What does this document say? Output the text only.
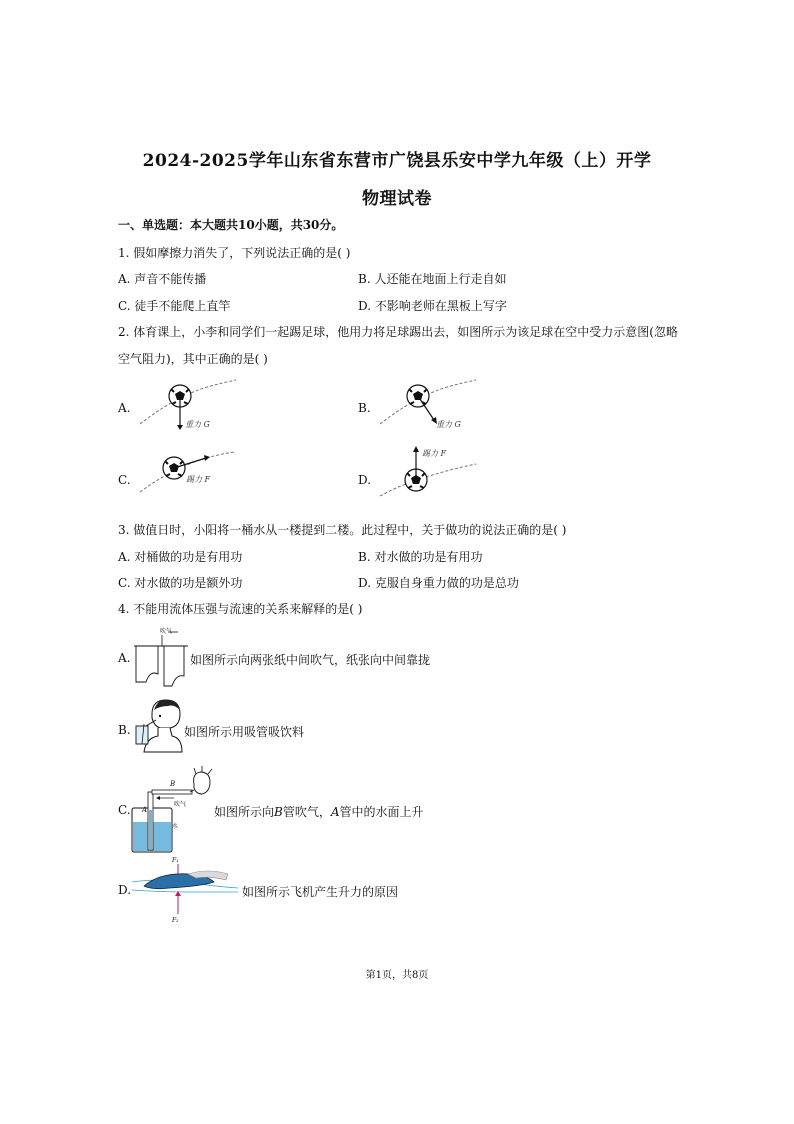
2024-2025学年山东省东营市广饶县乐安中学九年级（上）开学
物理试卷
一、单选题：本大题共10小题，共30分。
1. 假如摩擦力消失了，下列说法正确的是( )
A. 声音不能传播	B. 人还能在地面上行走自如
C. 徒手不能爬上直竿	D. 不影响老师在黑板上写字
2. 体育课上，小李和同学们一起踢足球，他用力将足球踢出去，如图所示为该足球在空中受力示意图(忽略
空气阻力)，其中正确的是( )
A.
重力 G
B.
重力 G
C.	踢力 F	D.
踢力 F
3. 做值日时，小阳将一桶水从一楼提到二楼。此过程中，关于做功的说法正确的是( )
A. 对桶做的功是有用功	B. 对水做的功是有用功
C. 对水做的功是额外功	D. 克服自身重力做的功是总功
4. 不能用流体压强与流速的关系来解释的是( )
A.
吹气
如图所示向两张纸中间吹气，纸张向中间靠拢
B.	如图所示用吸管吸饮料
C.
B
A
吹气
水
如图所示向B管吹气，A管中的水面上升
D.
F₁
F₂
如图所示飞机产生升力的原因
第1页，共8页
